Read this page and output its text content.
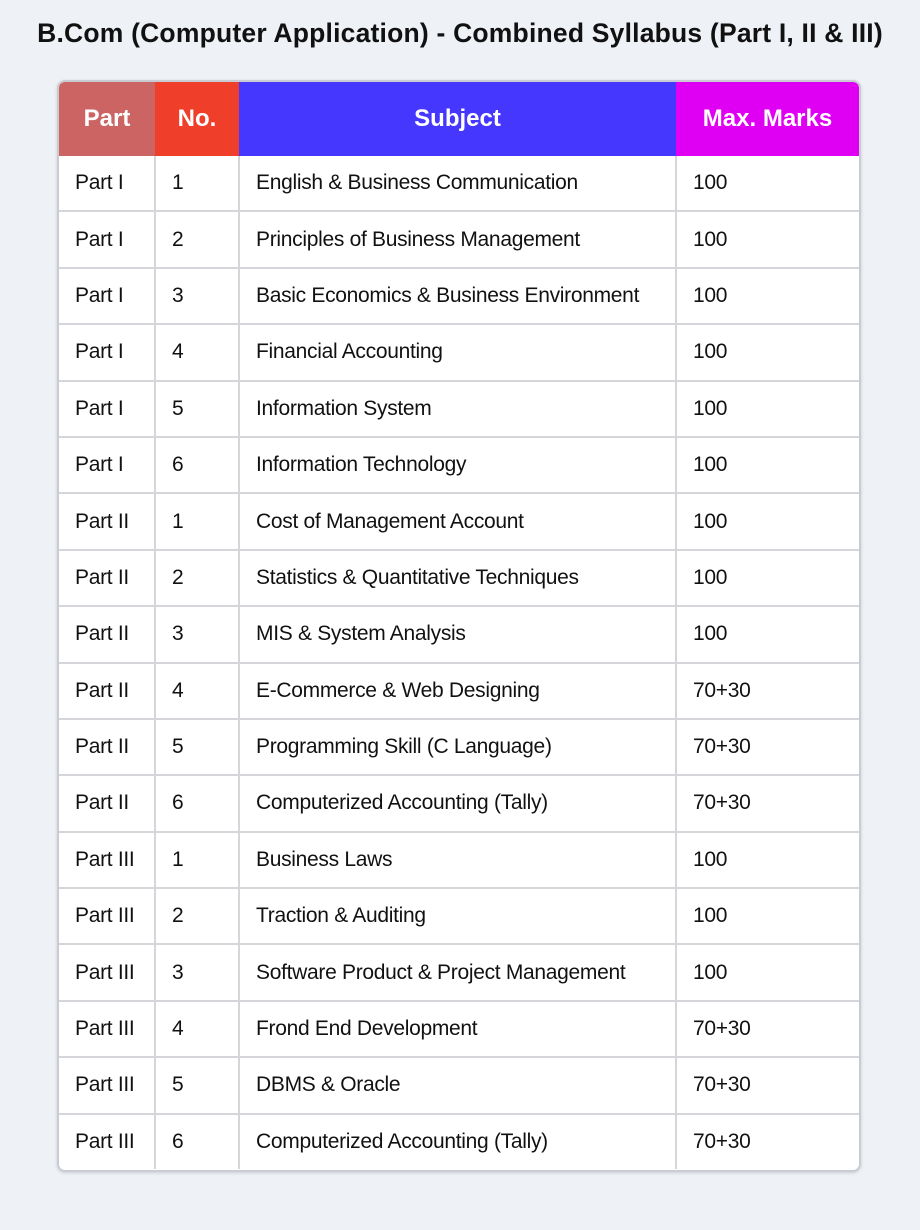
B.Com (Computer Application) - Combined Syllabus (Part I, II & III)
Part	No.	Subject	Max. Marks
Part I	1	English & Business Communication	100
Part I	2	Principles of Business Management	100
Part I	3	Basic Economics & Business Environment	100
Part I	4	Financial Accounting	100
Part I	5	Information System	100
Part I	6	Information Technology	100
Part II	1	Cost of Management Account	100
Part II	2	Statistics & Quantitative Techniques	100
Part II	3	MIS & System Analysis	100
Part II	4	E-Commerce & Web Designing	70+30
Part II	5	Programming Skill (C Language)	70+30
Part II	6	Computerized Accounting (Tally)	70+30
Part III	1	Business Laws	100
Part III	2	Traction & Auditing	100
Part III	3	Software Product & Project Management	100
Part III	4	Frond End Development	70+30
Part III	5	DBMS & Oracle	70+30
Part III	6	Computerized Accounting (Tally)	70+30
